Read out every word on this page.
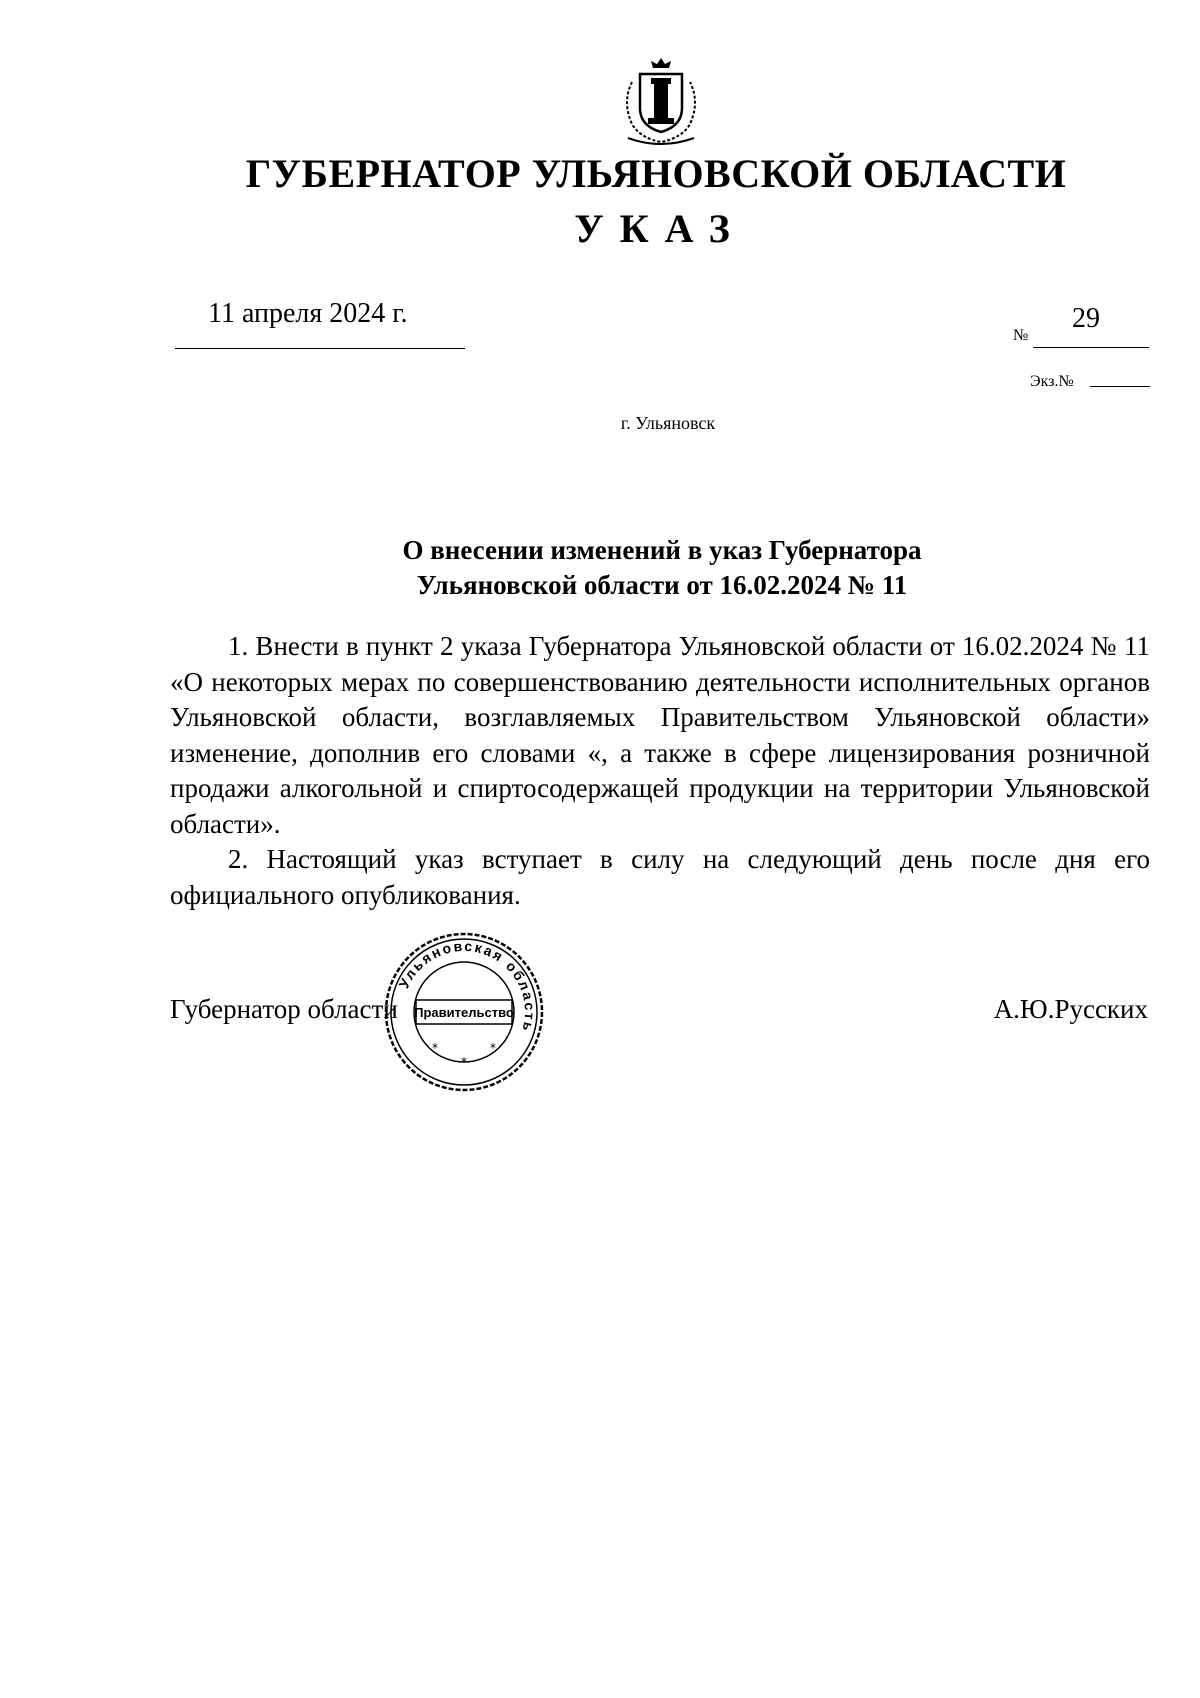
ГУБЕРНАТОР УЛЬЯНОВСКОЙ ОБЛАСТИ
УКАЗ
11 апреля 2024 г.
№
29
Экз.№
г. Ульяновск
О внесении изменений в указ Губернатора
Ульяновской области от 16.02.2024 № 11

1. Внести в пункт 2 указа Губернатора Ульяновской области от 16.02.2024 № 11 «О некоторых мерах по совершенствованию деятельности исполнительных органов Ульяновской области, возглавляемых Правительством Ульяновской области» изменение, дополнив его словами «, а также в сфере лицензирования розничной продажи алкогольной и спиртосодержащей продукции на территории Ульяновской области».

2. Настоящий указ вступает в силу на следующий день после дня его официального опубликования.

Губернатор области	А.Ю.Русских
Ульяновская область
Правительство
*
*
*
